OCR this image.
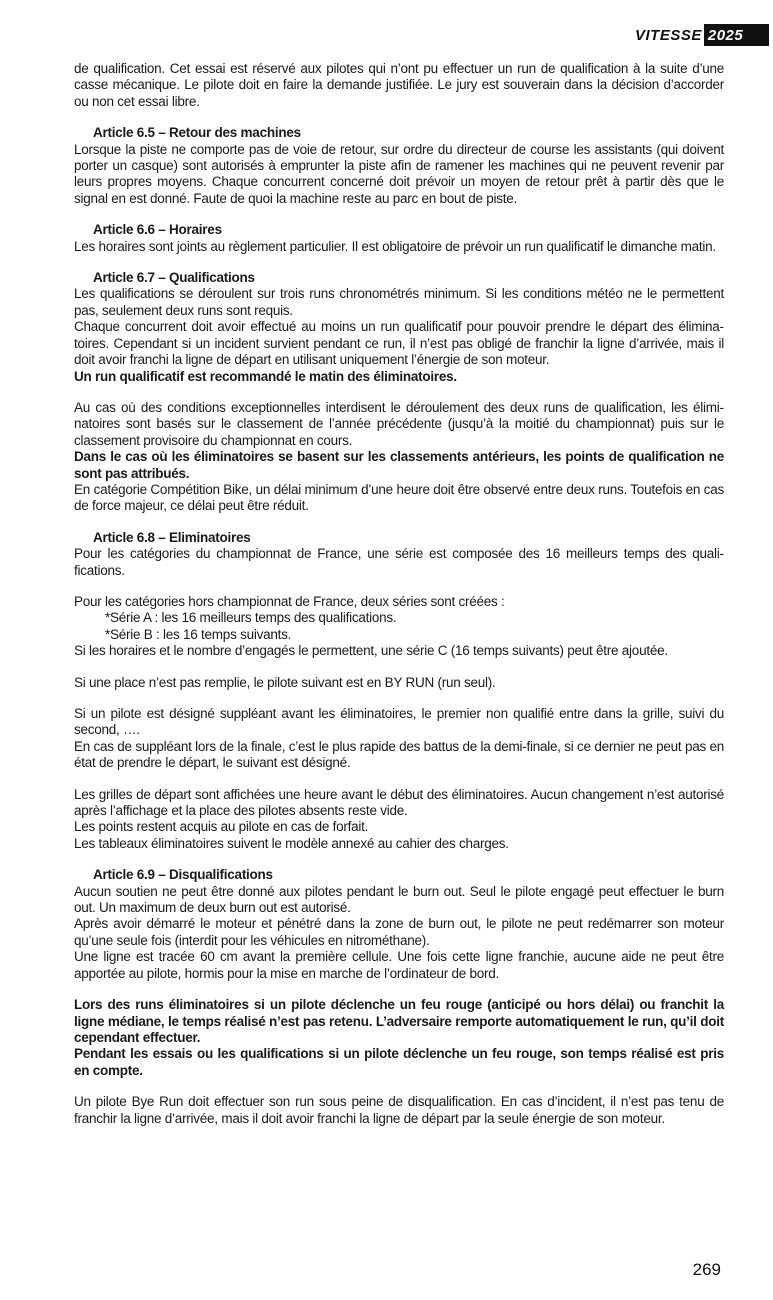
VITESSE 2025

de qualification. Cet essai est réservé aux pilotes qui n’ont pu effectuer un run de qualification à la suite d’une casse mécanique. Le pilote doit en faire la demande justifiée. Le jury est souverain dans la décision d’accorder ou non cet essai libre.

Article 6.5 – Retour des machines

Lorsque la piste ne comporte pas de voie de retour, sur ordre du directeur de course les assistants (qui doivent porter un casque) sont autorisés à emprunter la piste afin de ramener les machines qui ne peuvent revenir par leurs propres moyens. Chaque concurrent concerné doit prévoir un moyen de retour prêt à partir dès que le signal en est donné. Faute de quoi la machine reste au parc en bout de piste.

Article 6.6 – Horaires

Les horaires sont joints au règlement particulier. Il est obligatoire de prévoir un run qualificatif le dimanche matin.

Article 6.7 – Qualifications

Les qualifications se déroulent sur trois runs chronométrés minimum. Si les conditions météo ne le permettent pas, seulement deux runs sont requis.

Chaque concurrent doit avoir effectué au moins un run qualificatif pour pouvoir prendre le départ des éliminatoires. Cependant si un incident survient pendant ce run, il n’est pas obligé de franchir la ligne d’arrivée, mais il doit avoir franchi la ligne de départ en utilisant uniquement l’énergie de son moteur.

Un run qualificatif est recommandé le matin des éliminatoires.

Au cas où des conditions exceptionnelles interdisent le déroulement des deux runs de qualification, les éliminatoires sont basés sur le classement de l’année précédente (jusqu’à la moitié du championnat) puis sur le classement provisoire du championnat en cours.

Dans le cas où les éliminatoires se basent sur les classements antérieurs, les points de qualification ne sont pas attribués.

En catégorie Compétition Bike, un délai minimum d’une heure doit être observé entre deux runs. Toutefois en cas de force majeur, ce délai peut être réduit.

Article 6.8 – Eliminatoires

Pour les catégories du championnat de France, une série est composée des 16 meilleurs temps des qualifications.

Pour les catégories hors championnat de France, deux séries sont créées :

*Série A : les 16 meilleurs temps des qualifications.

*Série B : les 16 temps suivants.

Si les horaires et le nombre d’engagés le permettent, une série C (16 temps suivants) peut être ajoutée.

Si une place n’est pas remplie, le pilote suivant est en BY RUN (run seul).

Si un pilote est désigné suppléant avant les éliminatoires, le premier non qualifié entre dans la grille, suivi du second, ….

En cas de suppléant lors de la finale, c’est le plus rapide des battus de la demi-finale, si ce dernier ne peut pas en état de prendre le départ, le suivant est désigné.

Les grilles de départ sont affichées une heure avant le début des éliminatoires. Aucun changement n’est autorisé après l’affichage et la place des pilotes absents reste vide.

Les points restent acquis au pilote en cas de forfait.

Les tableaux éliminatoires suivent le modèle annexé au cahier des charges.

Article 6.9 – Disqualifications

Aucun soutien ne peut être donné aux pilotes pendant le burn out. Seul le pilote engagé peut effectuer le burn out. Un maximum de deux burn out est autorisé.

Après avoir démarré le moteur et pénétré dans la zone de burn out, le pilote ne peut redémarrer son moteur qu’une seule fois (interdit pour les véhicules en nitrométhane).

Une ligne est tracée 60 cm avant la première cellule. Une fois cette ligne franchie, aucune aide ne peut être apportée au pilote, hormis pour la mise en marche de l’ordinateur de bord.

Lors des runs éliminatoires si un pilote déclenche un feu rouge (anticipé ou hors délai) ou franchit la ligne médiane, le temps réalisé n’est pas retenu. L’adversaire remporte automatiquement le run, qu’il doit cependant effectuer.

Pendant les essais ou les qualifications si un pilote déclenche un feu rouge, son temps réalisé est pris en compte.

Un pilote Bye Run doit effectuer son run sous peine de disqualification. En cas d’incident, il n’est pas tenu de franchir la ligne d’arrivée, mais il doit avoir franchi la ligne de départ par la seule énergie de son moteur.

269
